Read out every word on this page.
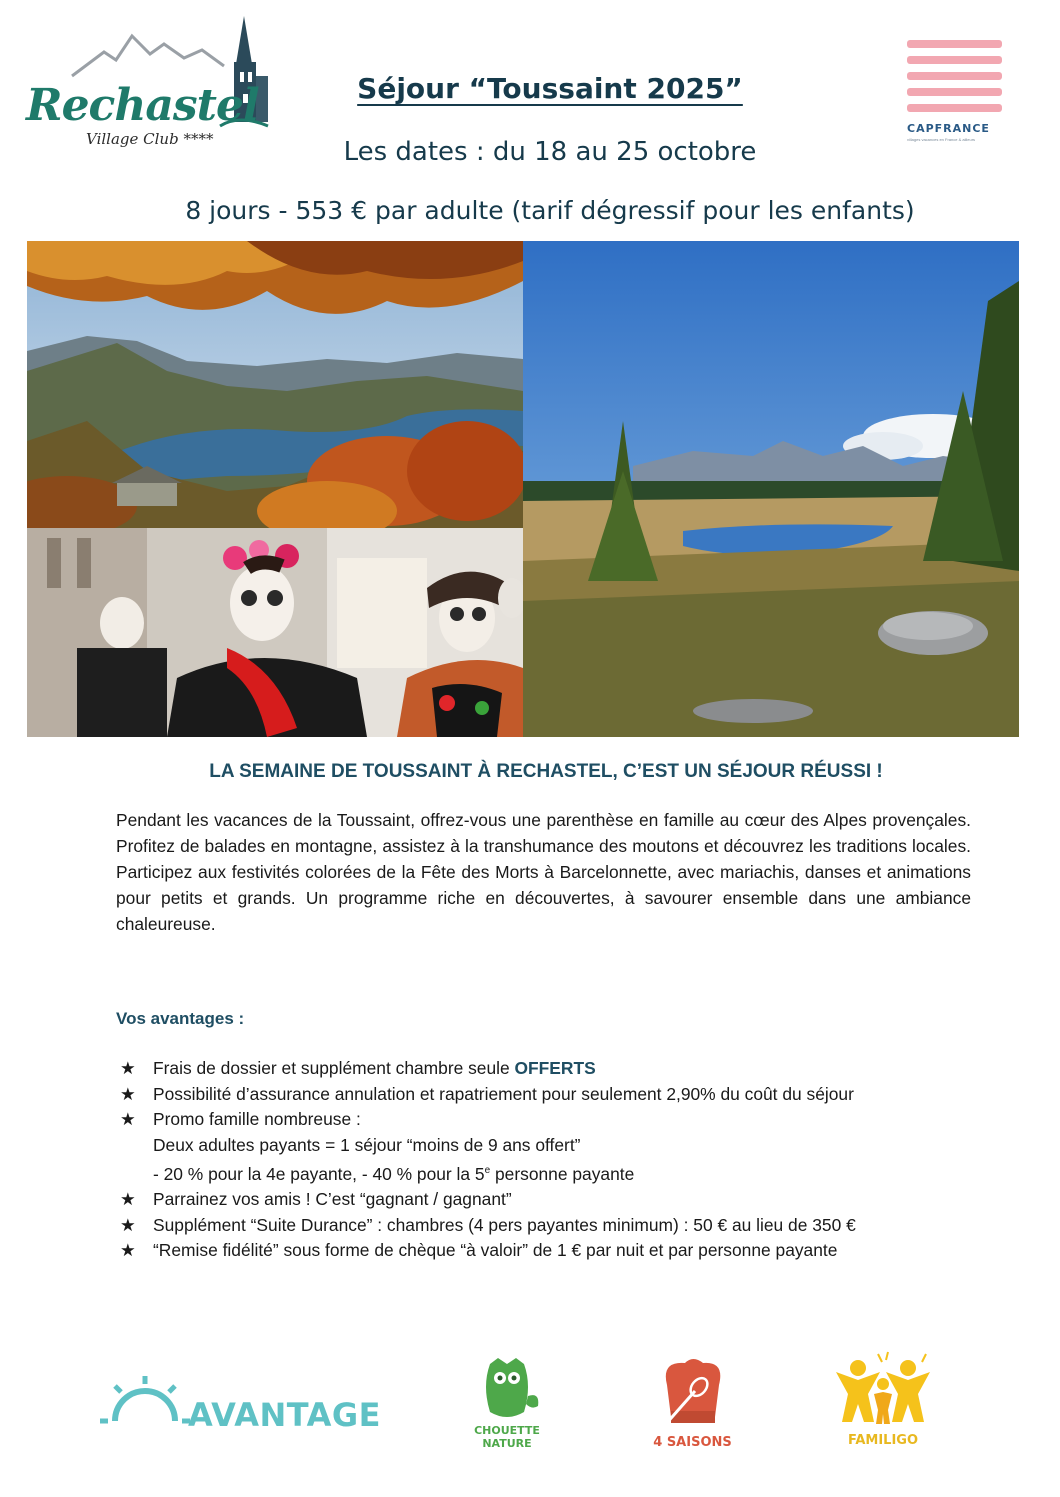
Rechastel
Village Club ****
Séjour “Toussaint 2025”
Les dates : du 18 au 25 octobre
8 jours - 553 € par adulte (tarif dégressif pour les enfants)
CAPFRANCE
villages vacances en France & ailleurs
LA SEMAINE DE TOUSSAINT À RECHASTEL, C’EST UN SÉJOUR RÉUSSI !

Pendant les vacances de la Toussaint, offrez-vous une parenthèse en famille au cœur des Alpes provençales. Profitez de balades en montagne, assistez à la transhumance des moutons et découvrez les traditions locales. Participez aux festivités colorées de la Fête des Morts à Barcelonnette, avec mariachis, danses et animations pour petits et grands. Un programme riche en découvertes, à savourer ensemble dans une ambiance chaleureuse.

Vos avantages :
★ Frais de dossier et supplément chambre seule OFFERTS
★ Possibilité d’assurance annulation et rapatriement pour seulement 2,90% du coût du séjour
★ Promo famille nombreuse :
Deux adultes payants = 1 séjour “moins de 9 ans offert”
- 20 % pour la 4e payante, - 40 % pour la 5e personne payante
★ Parrainez vos amis ! C’est “gagnant / gagnant”
★ Supplément “Suite Durance” : chambres (4 pers payantes minimum) : 50 € au lieu de 350 €
★ “Remise fidélité” sous forme de chèque “à valoir” de 1 € par nuit et par personne payante
AVANTAGE	CHOUETTE
NATURE	4 SAISONS	FAMILIGO
